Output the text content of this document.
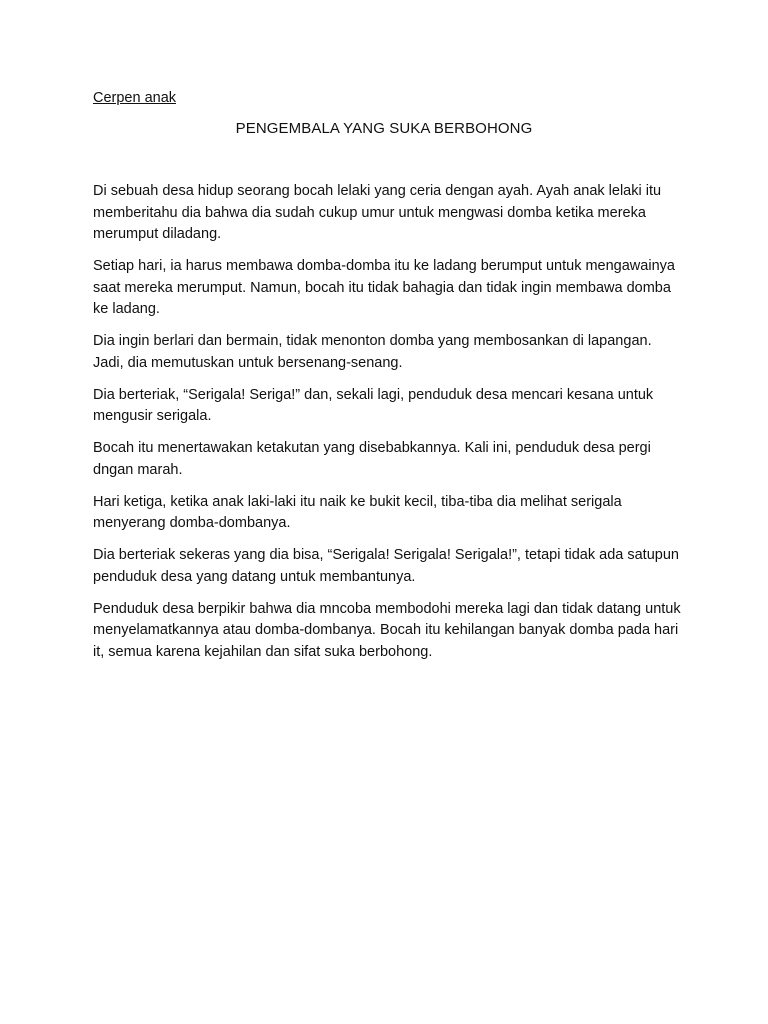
Cerpen anak
PENGEMBALA YANG SUKA BERBOHONG

Di sebuah desa hidup seorang bocah lelaki yang ceria dengan ayah. Ayah anak lelaki itu memberitahu dia bahwa dia sudah cukup umur untuk mengwasi domba ketika mereka merumput diladang.

Setiap hari, ia harus membawa domba-domba itu ke ladang berumput untuk mengawainya saat mereka merumput. Namun, bocah itu tidak bahagia dan tidak ingin membawa domba ke ladang.

Dia ingin berlari dan bermain, tidak menonton domba yang membosankan di lapangan. Jadi, dia memutuskan untuk bersenang-senang.

Dia berteriak, “Serigala! Seriga!” dan, sekali lagi, penduduk desa mencari kesana untuk mengusir serigala.

Bocah itu menertawakan ketakutan yang disebabkannya. Kali ini, penduduk desa pergi dngan marah.

Hari ketiga, ketika anak laki-laki itu naik ke bukit kecil, tiba-tiba dia melihat serigala menyerang domba-dombanya.

Dia berteriak sekeras yang dia bisa, “Serigala! Serigala! Serigala!”, tetapi tidak ada satupun penduduk desa yang datang untuk membantunya.

Penduduk desa berpikir bahwa dia mncoba membodohi mereka lagi dan tidak datang untuk menyelamatkannya atau domba-dombanya. Bocah itu kehilangan banyak domba pada hari it, semua karena kejahilan dan sifat suka berbohong.
